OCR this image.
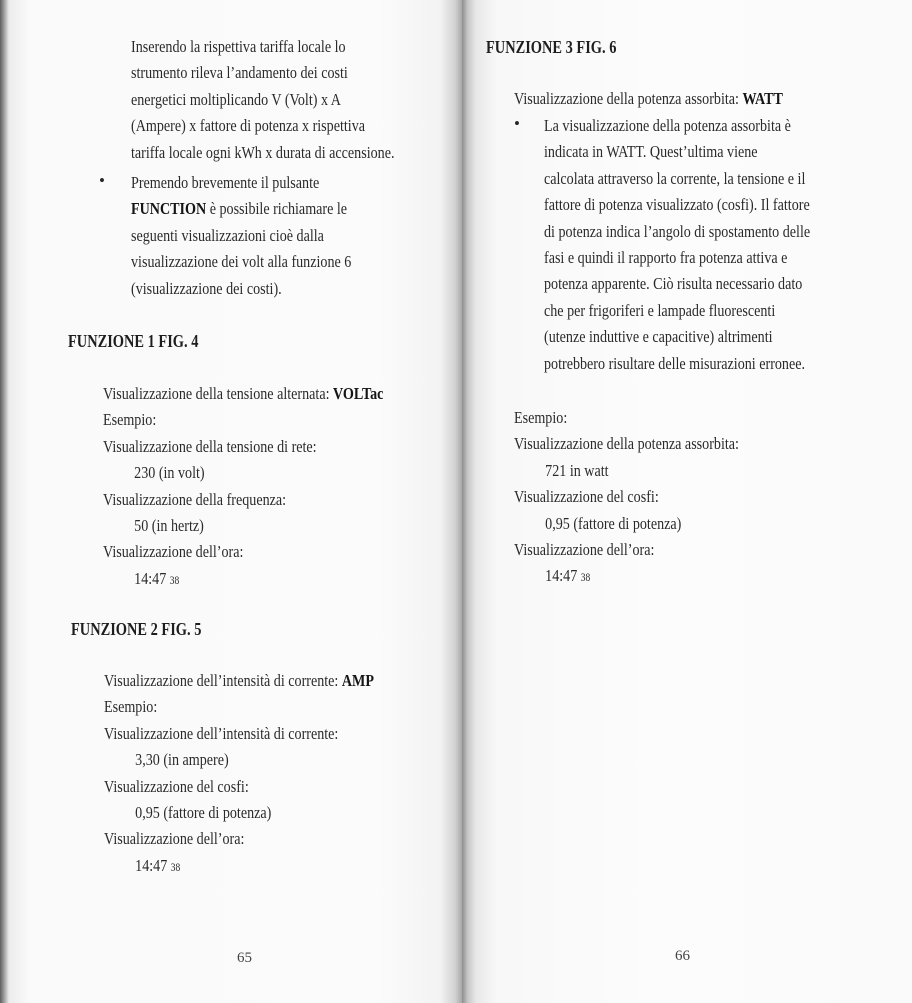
Inserendo la rispettiva tariffa locale lo
strumento rileva l’andamento dei costi
energetici moltiplicando V (Volt) x A
(Ampere) x fattore di potenza x rispettiva
tariffa locale ogni kWh x durata di accensione.
• Premendo brevemente il pulsante
FUNCTION è possibile richiamare le
seguenti visualizzazioni cioè dalla
visualizzazione dei volt alla funzione 6
(visualizzazione dei costi).
FUNZIONE 1 FIG. 4
Visualizzazione della tensione alternata: VOLTac
Esempio:
Visualizzazione della tensione di rete:
230 (in volt)
Visualizzazione della frequenza:
50 (in hertz)
Visualizzazione dell’ora:
14:47 38
FUNZIONE 2 FIG. 5
Visualizzazione dell’intensità di corrente: AMP
Esempio:
Visualizzazione dell’intensità di corrente:
3,30 (in ampere)
Visualizzazione del cosfi:
0,95 (fattore di potenza)
Visualizzazione dell’ora:
14:47 38
65
FUNZIONE 3 FIG. 6
Visualizzazione della potenza assorbita: WATT
• La visualizzazione della potenza assorbita è
indicata in WATT. Quest’ultima viene
calcolata attraverso la corrente, la tensione e il
fattore di potenza visualizzato (cosfi). Il fattore
di potenza indica l’angolo di spostamento delle
fasi e quindi il rapporto fra potenza attiva e
potenza apparente. Ciò risulta necessario dato
che per frigoriferi e lampade fluorescenti
(utenze induttive e capacitive) altrimenti
potrebbero risultare delle misurazioni erronee.
Esempio:
Visualizzazione della potenza assorbita:
721 in watt
Visualizzazione del cosfi:
0,95 (fattore di potenza)
Visualizzazione dell’ora:
14:47 38
66
